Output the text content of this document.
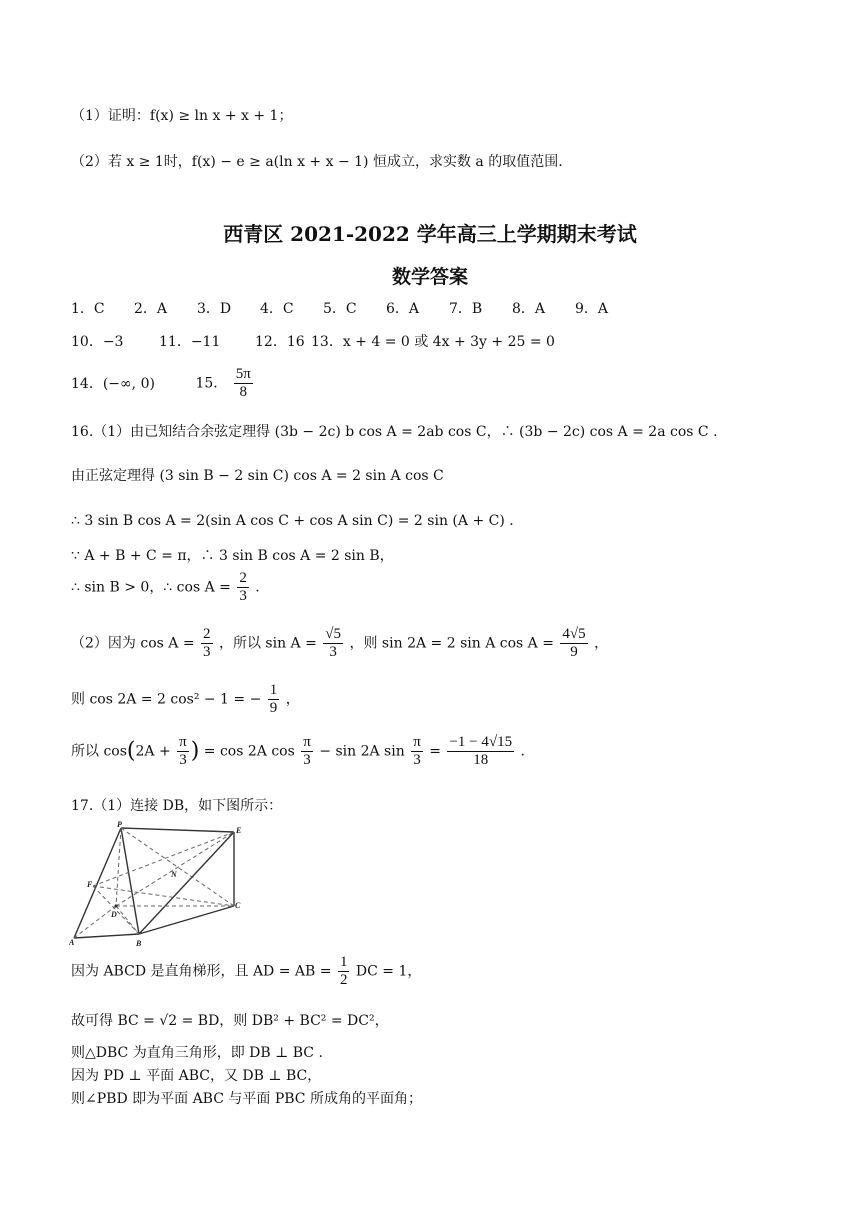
（1）证明：f(x) ≥ ln x + x + 1；
（2）若 x ≥ 1时，f(x) − e ≥ a(ln x + x − 1) 恒成立，求实数 a 的取值范围.
西青区 2021-2022 学年高三上学期期末考试
数学答案
1．C 2．A 3．D 4．C 5．C 6．A 7．B 8．A 9．A
10．−3	11．−11 12．16 13．x + 4 = 0 或 4x + 3y + 25 = 0
14．(−∞, 0)	15． $\frac{5\pi}{8}$
16.（1）由已知结合余弦定理得 (3b − 2c) b cos A = 2ab cos C，∴ (3b − 2c) cos A = 2a cos C .
由正弦定理得 (3 sin B − 2 sin C) cos A = 2 sin A cos C
∴ 3 sin B cos A = 2(sin A cos C + cos A sin C) = 2 sin (A + C) .
∵ A + B + C = π，∴ 3 sin B cos A = 2 sin B，
∴ sin B > 0，∴ $\cos A = \frac{2}{3}$ .
（2）因为 $\cos A = \frac{2}{3}$ ，所以 $\sin A = \frac{√5}{3}$ ，则 sin 2A = 2 sin A $\cos A = \frac{4√5}{9}$ ，
则 cos 2A = 2 cos² − 1 = − $\frac{1}{9}$ ，
所以 $\cos(2A + \frac{\pi}{3}$ ) = cos 2A $\cos \frac{\pi}{3} - \sin 2A$ $\sin \frac{\pi}{3} = \frac{-1 - 4√15}{18}$ .
17.（1）连接 DB，如下图所示：
P
E
F
N
D
C
A	B
因为 ABCD 是直角梯形，且 AD = AB = $\frac{1}{2}$ DC = 1，
故可得 BC = √2 = BD，则 DB² + BC² = DC²，
则△DBC 为直角三角形，即 DB ⊥ BC .
因为 PD ⊥ 平面 ABC，又 DB ⊥ BC，
则∠PBD 即为平面 ABC 与平面 PBC 所成角的平面角；
